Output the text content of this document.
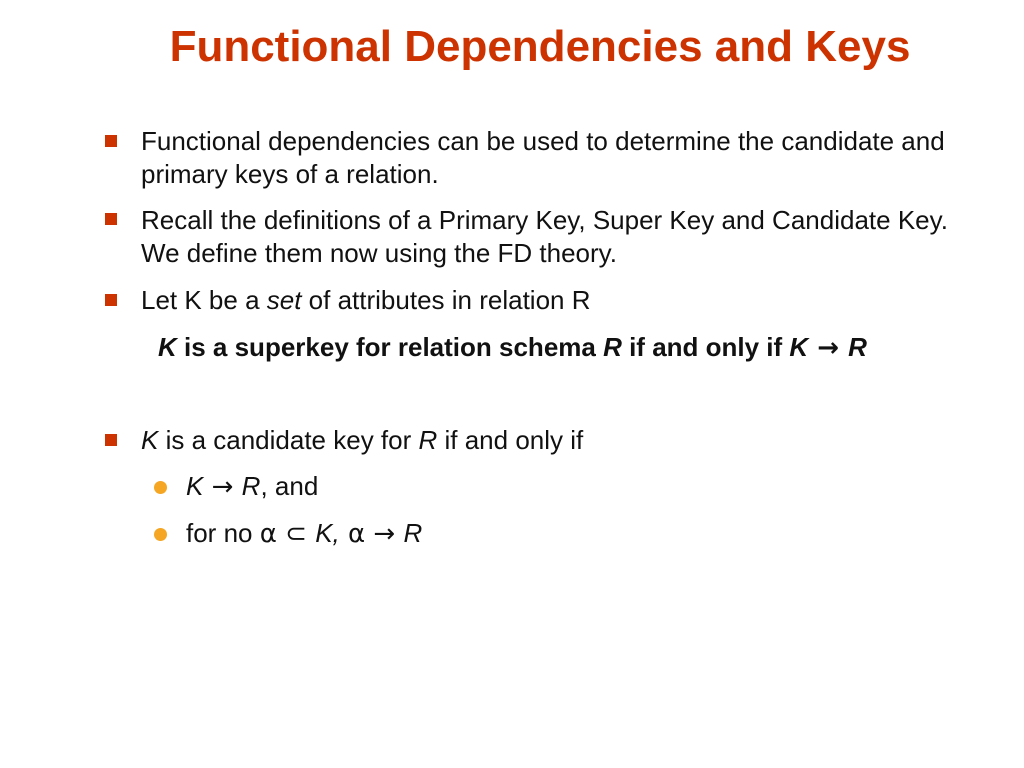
Functional Dependencies and Keys
Functional dependencies can be used to determine the candidate and primary keys of a relation.
Recall the definitions of a Primary Key, Super Key and Candidate Key. We define them now using the FD theory.
Let K be a set of attributes in relation R
K is a superkey for relation schema R if and only if K → R
K is a candidate key for R if and only if
K → R, and
for no α ⊂ K, α → R
